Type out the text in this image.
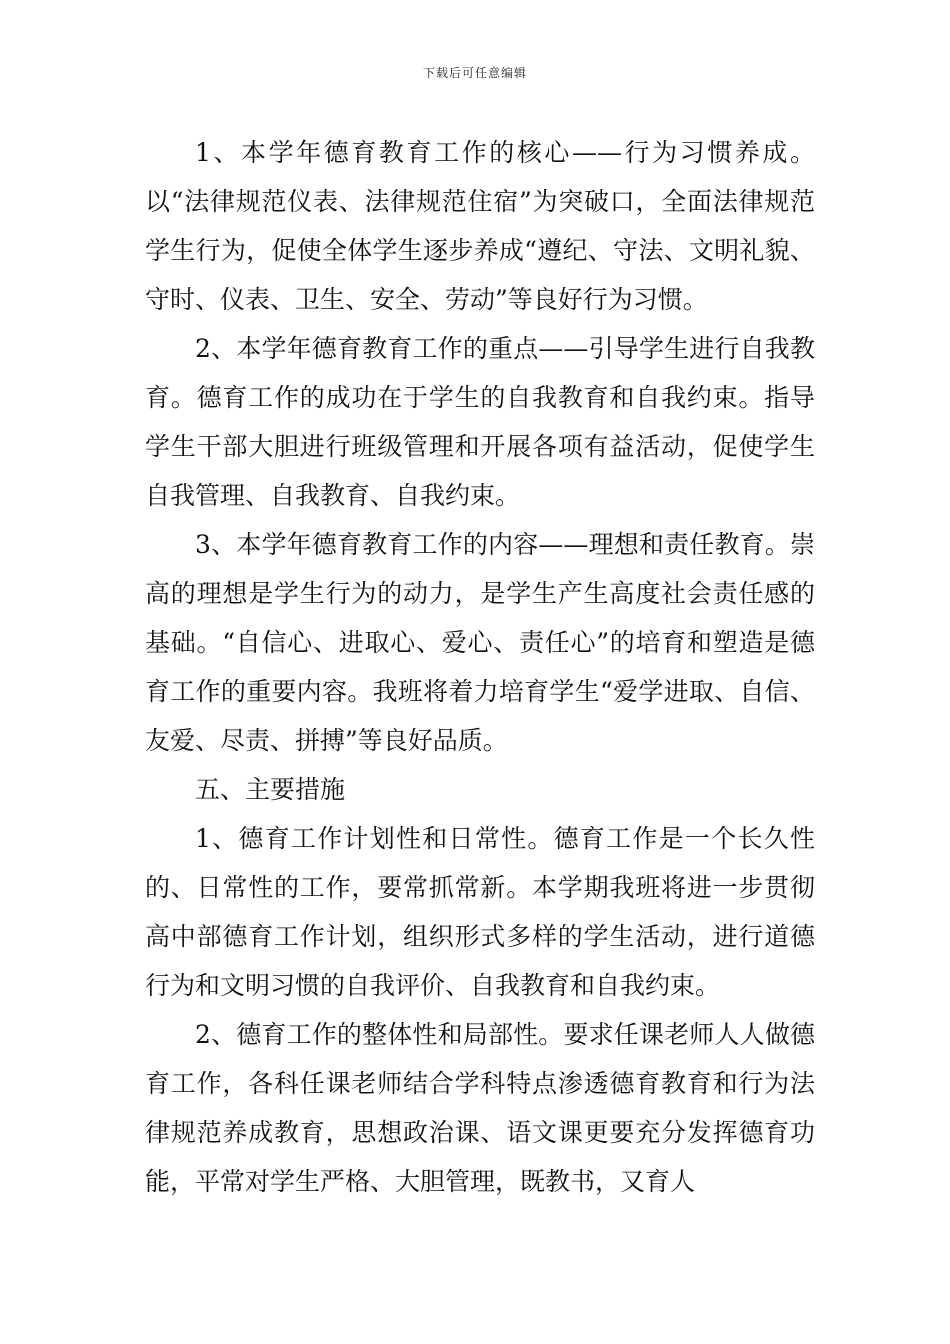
下载后可任意编辑

1、本学年德育教育工作的核心——行为习惯养成。以“法律规范仪表、法律规范住宿”为突破口，全面法律规范学生行为，促使全体学生逐步养成“遵纪、守法、文明礼貌、守时、仪表、卫生、安全、劳动”等良好行为习惯。

2、本学年德育教育工作的重点——引导学生进行自我教育。德育工作的成功在于学生的自我教育和自我约束。指导学生干部大胆进行班级管理和开展各项有益活动，促使学生自我管理、自我教育、自我约束。

3、本学年德育教育工作的内容——理想和责任教育。崇高的理想是学生行为的动力，是学生产生高度社会责任感的基础。“自信心、进取心、爱心、责任心”的培育和塑造是德育工作的重要内容。我班将着力培育学生“爱学进取、自信、友爱、尽责、拼搏”等良好品质。

五、主要措施

1、德育工作计划性和日常性。德育工作是一个长久性的、日常性的工作，要常抓常新。本学期我班将进一步贯彻高中部德育工作计划，组织形式多样的学生活动，进行道德行为和文明习惯的自我评价、自我教育和自我约束。

2、德育工作的整体性和局部性。要求任课老师人人做德育工作，各科任课老师结合学科特点渗透德育教育和行为法律规范养成教育，思想政治课、语文课更要充分发挥德育功能，平常对学生严格、大胆管理，既教书，又育人
